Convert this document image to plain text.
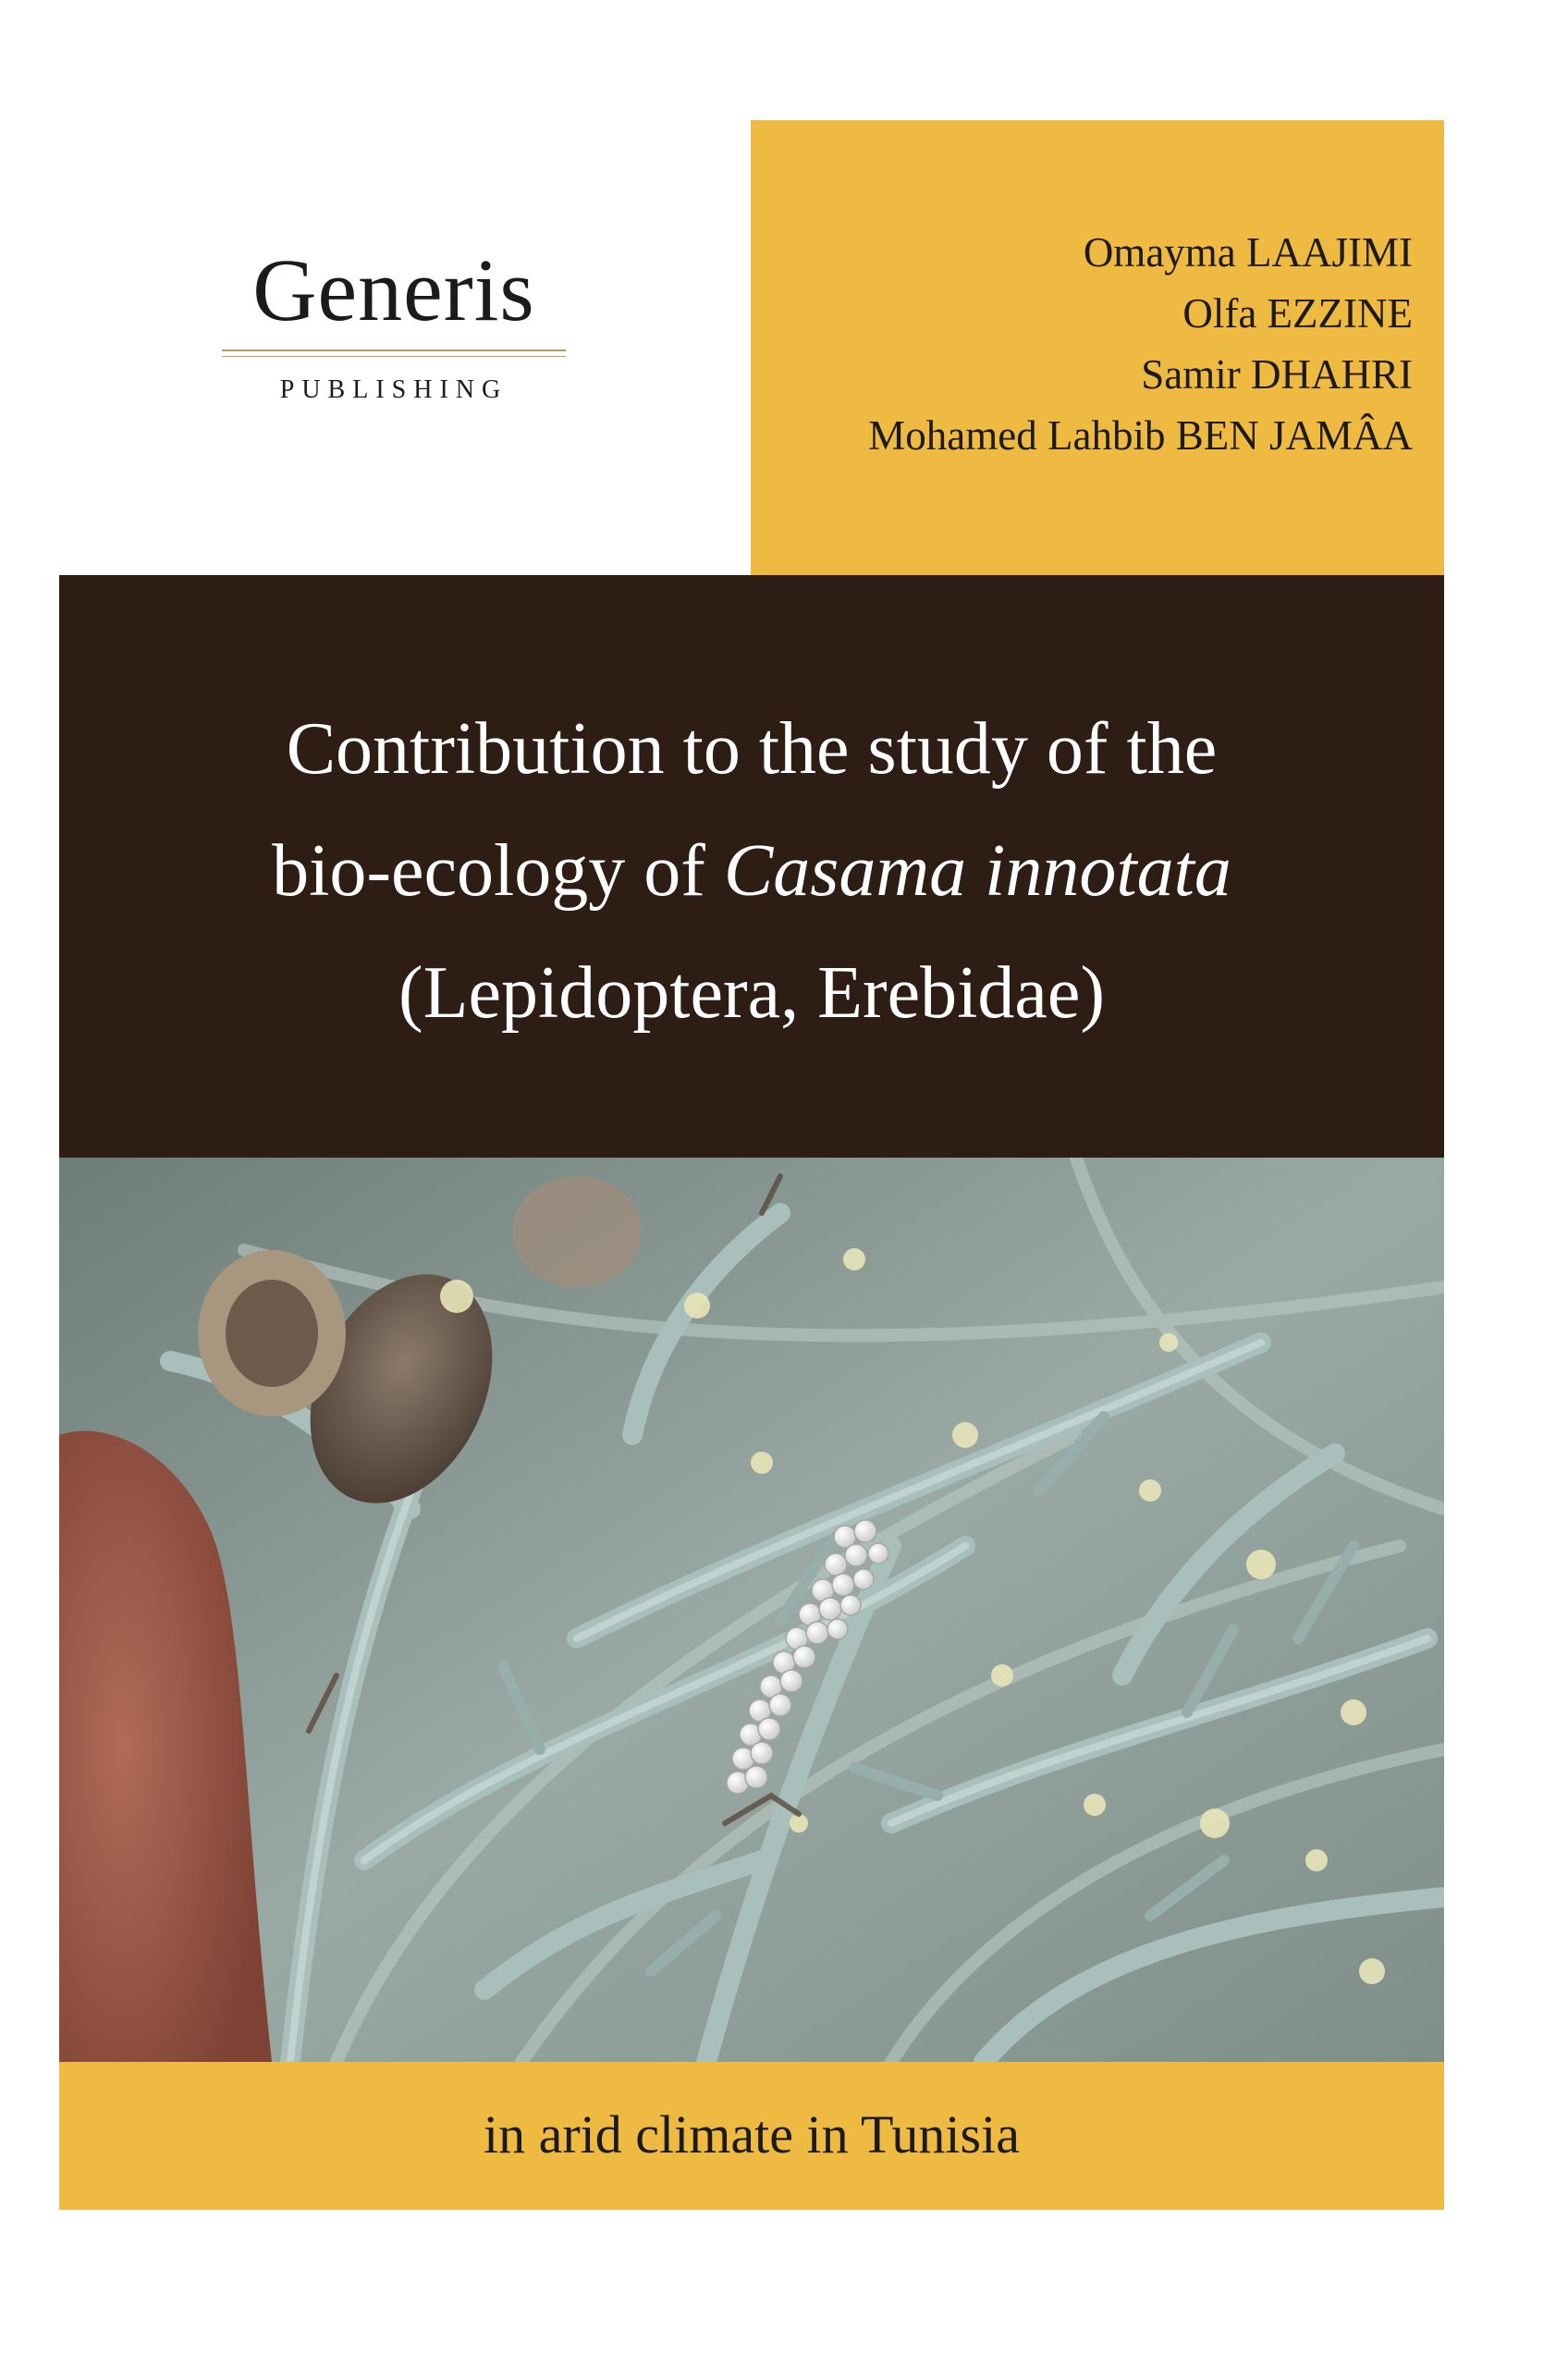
Generis
PUBLISHING
Omayma LAAJIMI
Olfa EZZINE
Samir DHAHRI
Mohamed Lahbib BEN JAMÂA
Contribution to the study of the
bio-ecology of Casama innotata
(Lepidoptera, Erebidae)
in arid climate in Tunisia
